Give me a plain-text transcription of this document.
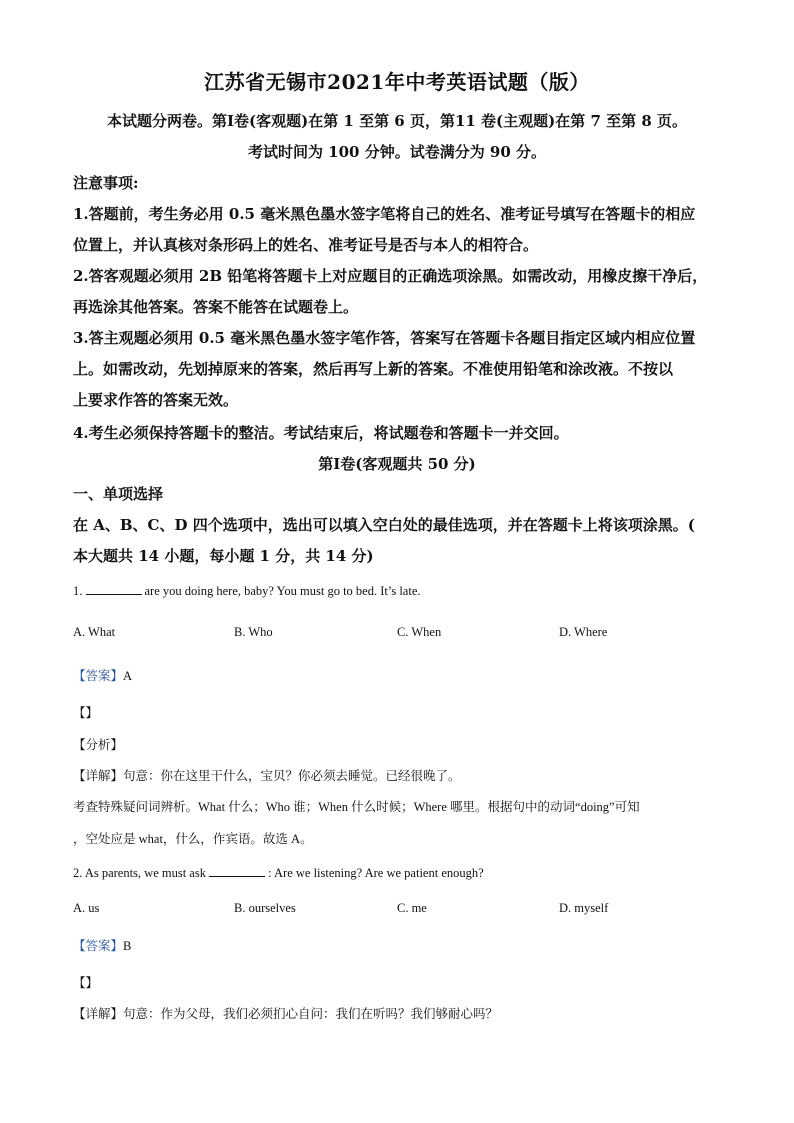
江苏省无锡市2021年中考英语试题（版）
本试题分两卷。第Ⅰ卷(客观题)在第 1 至第 6 页，第11 卷(主观题)在第 7 至第 8 页。
考试时间为 100 分钟。试卷满分为 90 分。
注意事项:
1.答题前，考生务必用 0.5 毫米黑色墨水签字笔将自己的姓名、准考证号填写在答题卡的相应
位置上，并认真核对条形码上的姓名、准考证号是否与本人的相符合。
2.答客观题必须用 2B 铅笔将答题卡上对应题目的正确选项涂黑。如需改动，用橡皮擦干净后，
再选涂其他答案。答案不能答在试题卷上。
3.答主观题必须用 0.5 毫米黑色墨水签字笔作答，答案写在答题卡各题目指定区域内相应位置
上。如需改动，先划掉原来的答案，然后再写上新的答案。不准使用铅笔和涂改液。不按以
上要求作答的答案无效。
4.考生必须保持答题卡的整洁。考试结束后，将试题卷和答题卡一并交回。
第Ⅰ卷(客观题共 50 分)
一、单项选择
在 A、B、C、D 四个选项中，选出可以填入空白处的最佳选项，并在答题卡上将该项涂黑。(
本大题共 14 小题，每小题 1 分，共 14 分)
1.	are you doing here, baby? You must go to bed. It’s late.
A. What	B. Who	C. When	D. Where
【答案】A
【】
【分析】
【详解】句意：你在这里干什么，宝贝？你必须去睡觉。已经很晚了。
考查特殊疑问词辨析。What 什么；Who 谁；When 什么时候；Where 哪里。根据句中的动词“doing”可知
，空处应是 what，什么，作宾语。故选 A。
2. As parents, we must ask	: Are we listening? Are we patient enough?
A. us	B. ourselves	C. me	D. myself
【答案】B
【】
【详解】句意：作为父母，我们必须扪心自问：我们在听吗？我们够耐心吗？
